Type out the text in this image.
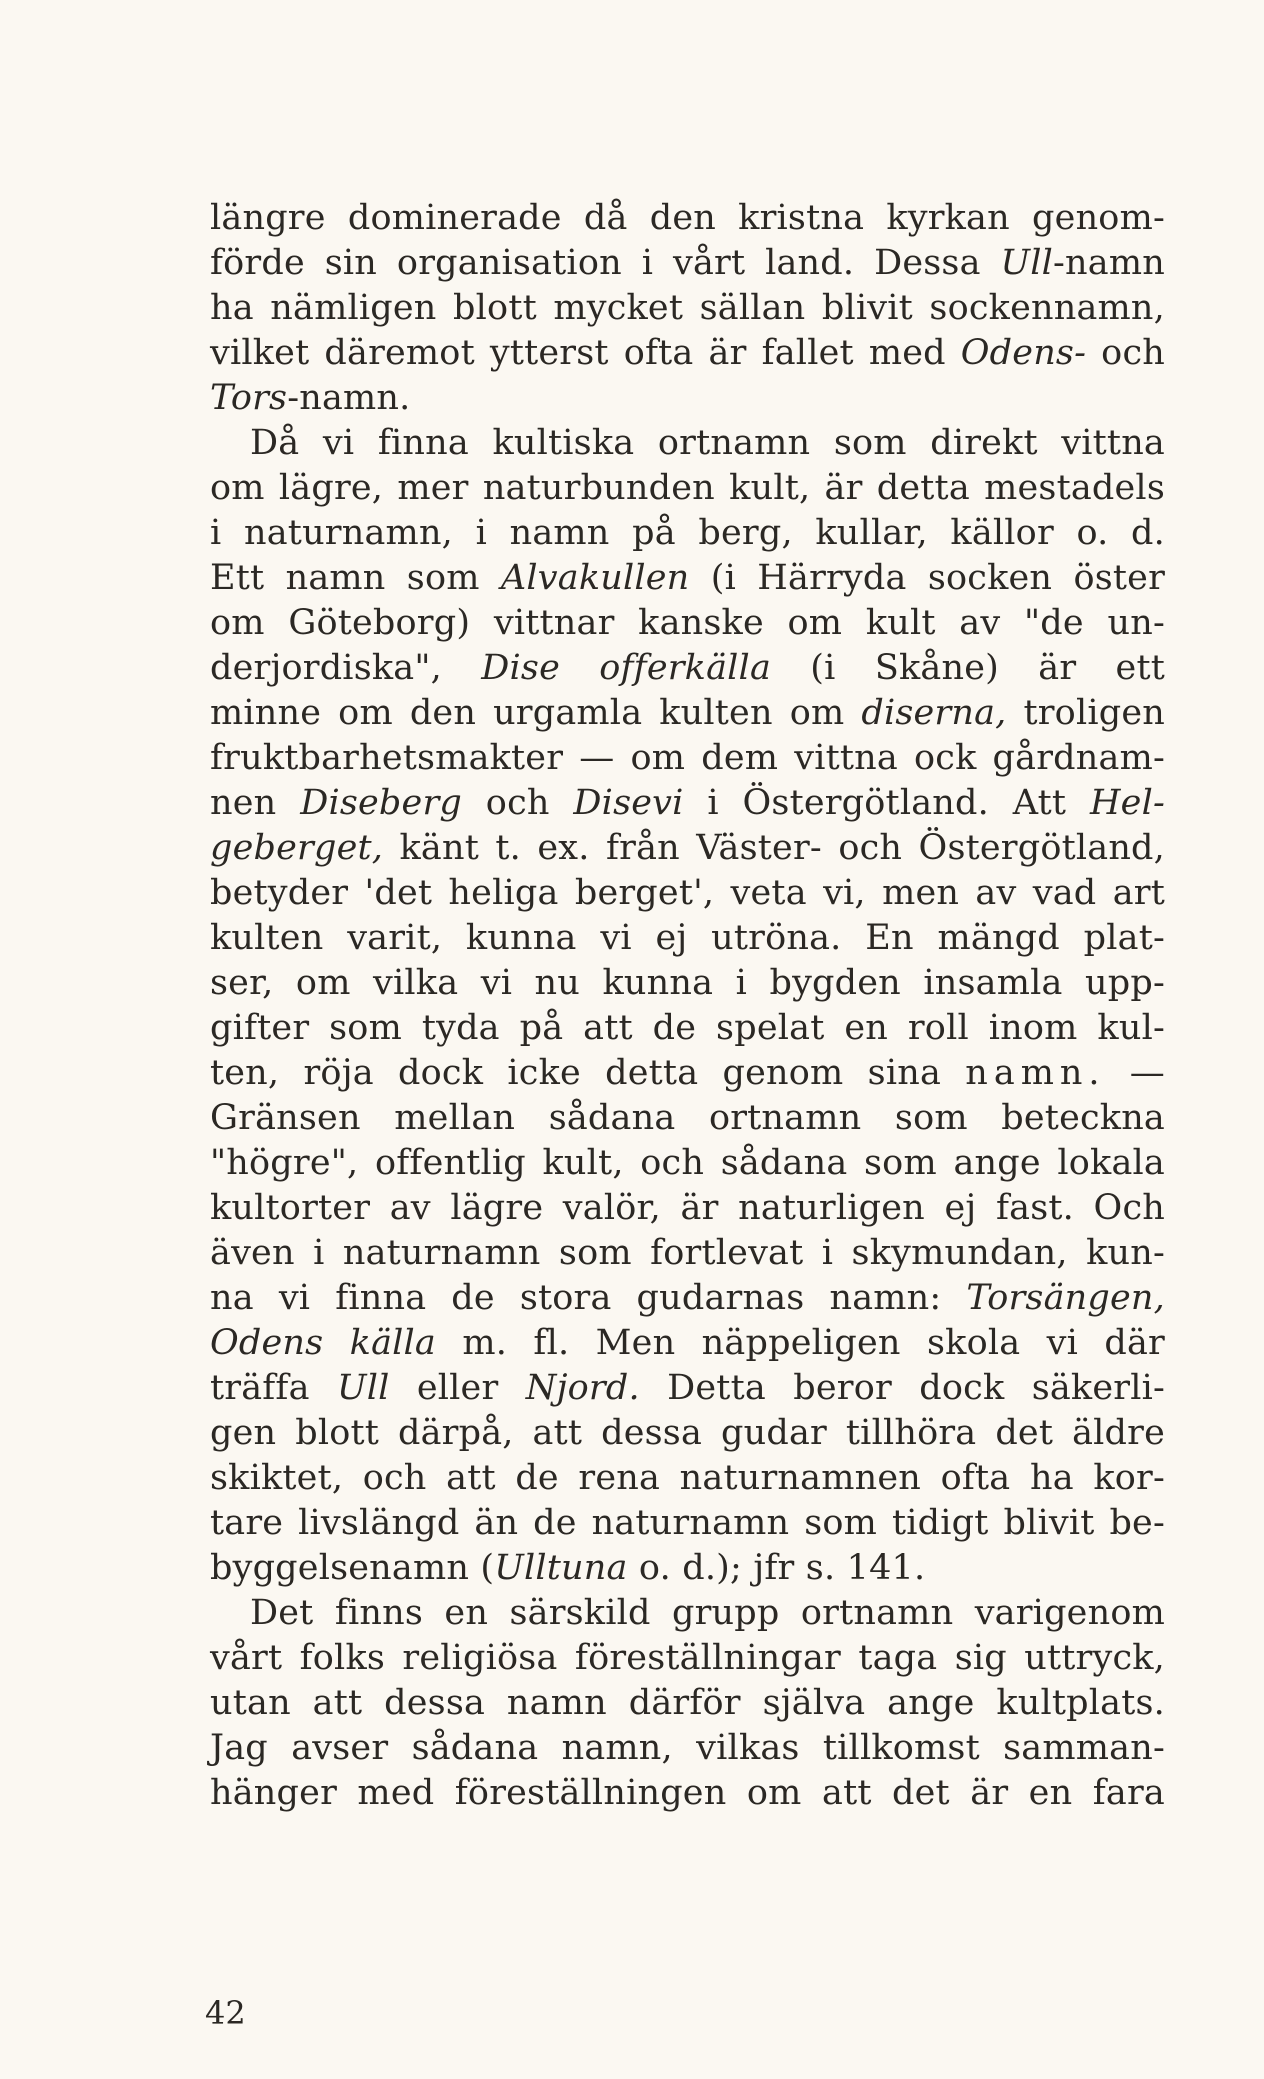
längre dominerade då den kristna kyrkan genom-
förde sin organisation i vårt land. Dessa Ull-namn
ha nämligen blott mycket sällan blivit sockennamn,
vilket däremot ytterst ofta är fallet med Odens- och
Tors-namn.
Då vi finna kultiska ortnamn som direkt vittna
om lägre, mer naturbunden kult, är detta mestadels
i naturnamn, i namn på berg, kullar, källor o. d.
Ett namn som Alvakullen (i Härryda socken öster
om Göteborg) vittnar kanske om kult av "de un-
derjordiska", Dise offerkälla (i Skåne) är ett
minne om den urgamla kulten om diserna, troligen
fruktbarhetsmakter — om dem vittna ock gårdnam-
nen Diseberg och Disevi i Östergötland. Att Hel-
geberget, känt t. ex. från Väster- och Östergötland,
betyder 'det heliga berget', veta vi, men av vad art
kulten varit, kunna vi ej utröna. En mängd plat-
ser, om vilka vi nu kunna i bygden insamla upp-
gifter som tyda på att de spelat en roll inom kul-
ten, röja dock icke detta genom sina namn. —
Gränsen mellan sådana ortnamn som beteckna
"högre", offentlig kult, och sådana som ange lokala
kultorter av lägre valör, är naturligen ej fast. Och
även i naturnamn som fortlevat i skymundan, kun-
na vi finna de stora gudarnas namn: Torsängen,
Odens källa m. fl. Men näppeligen skola vi där
träffa Ull eller Njord. Detta beror dock säkerli-
gen blott därpå, att dessa gudar tillhöra det äldre
skiktet, och att de rena naturnamnen ofta ha kor-
tare livslängd än de naturnamn som tidigt blivit be-
byggelsenamn (Ulltuna o. d.); jfr s. 141.
Det finns en särskild grupp ortnamn varigenom
vårt folks religiösa föreställningar taga sig uttryck,
utan att dessa namn därför själva ange kultplats.
Jag avser sådana namn, vilkas tillkomst samman-
hänger med föreställningen om att det är en fara
42
